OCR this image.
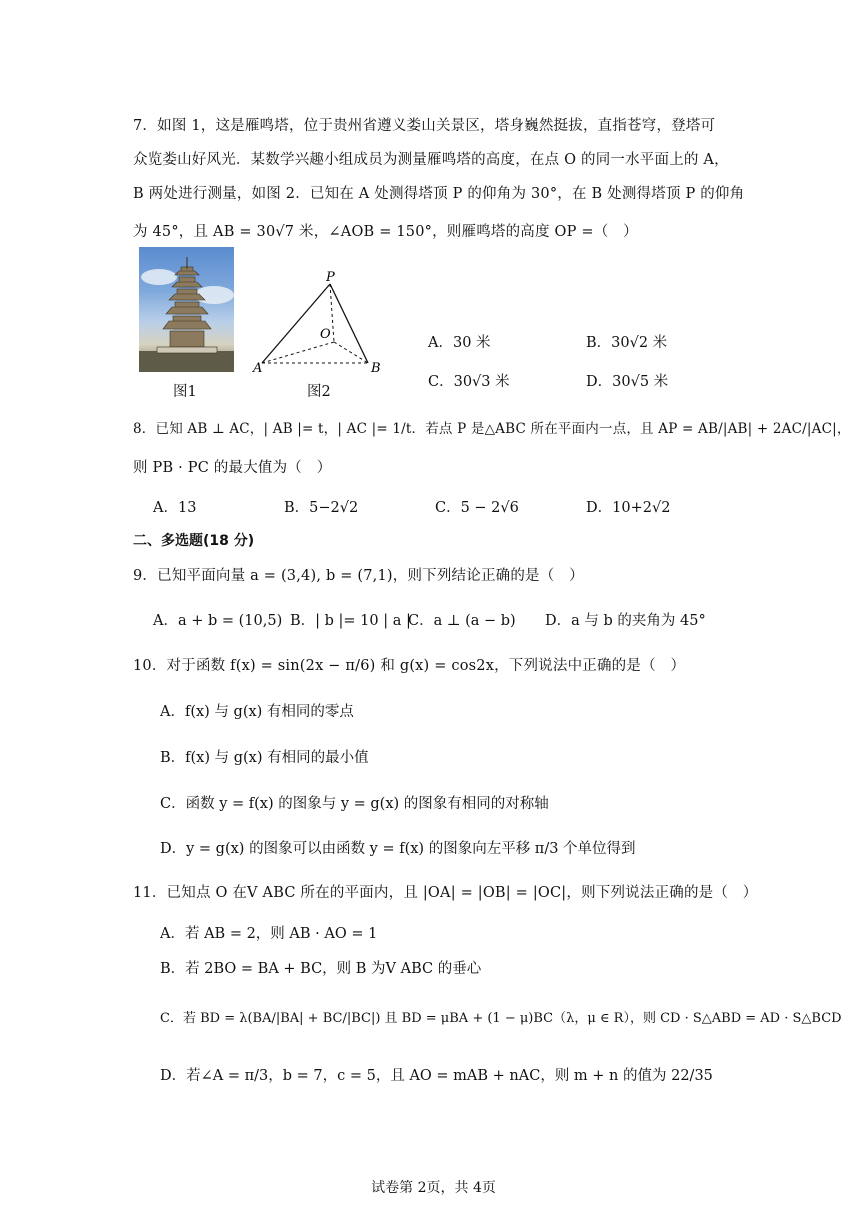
7．如图 1，这是雁鸣塔，位于贵州省遵义娄山关景区，塔身巍然挺拔，直指苍穹，登塔可
众览娄山好风光．某数学兴趣小组成员为测量雁鸣塔的高度，在点 O 的同一水平面上的 A，
B 两处进行测量，如图 2．已知在 A 处测得塔顶 P 的仰角为 30°，在 B 处测得塔顶 P 的仰角
为 45°，且 AB = 30√7 米，∠AOB = 150°，则雁鸣塔的高度 OP =（　）
图1
P
O
A	B
图2
A．30 米	B．30√2 米
C．30√3 米	D．30√5 米
8．已知 AB ⊥ AC，| AB |= t，| AC |= 1/t．若点 P 是△ABC 所在平面内一点，且 AP = AB/|AB| + 2AC/|AC|，
则 PB · PC 的最大值为（　）
A．13	B．5−2√2	C．5 − 2√6	D．10+2√2
二、多选题(18 分)
9．已知平面向量 a = (3,4), b = (7,1)，则下列结论正确的是（　）
A．a + b = (10,5) B．| b |= 10 | a |
C．a ⊥ (a − b) D．a 与 b 的夹角为 45°
10．对于函数 f(x) = sin(2x − π/6) 和 g(x) = cos2x，下列说法中正确的是（　）
A．f(x) 与 g(x) 有相同的零点
B．f(x) 与 g(x) 有相同的最小值
C．函数 y = f(x) 的图象与 y = g(x) 的图象有相同的对称轴
D．y = g(x) 的图象可以由函数 y = f(x) 的图象向左平移 π/3 个单位得到
11．已知点 O 在V ABC 所在的平面内，且 |OA| = |OB| = |OC|，则下列说法正确的是（　）
A．若 AB = 2，则 AB · AO = 1
B．若 2BO = BA + BC，则 B 为V ABC 的垂心
C．若 BD = λ(BA/|BA| + BC/|BC|) 且 BD = μBA + (1 − μ)BC（λ，μ ∈ R），则 CD · S△ABD = AD · S△BCD
D．若∠A = π/3，b = 7，c = 5，且 AO = mAB + nAC，则 m + n 的值为 22/35
试卷第 2页，共 4页
